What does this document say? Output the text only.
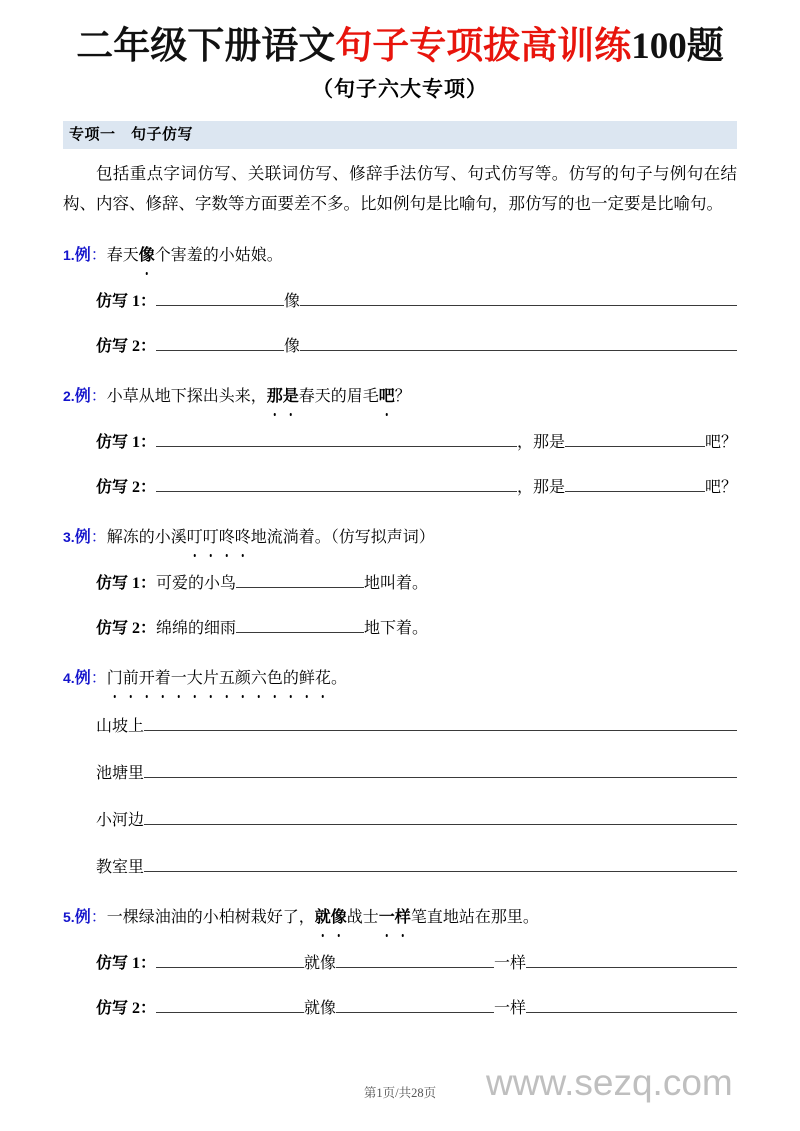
二年级下册语文句子专项拔高训练100题
（句子六大专项）
专项一　句子仿写
包括重点字词仿写、关联词仿写、修辞手法仿写、句式仿写等。仿写的句子与例句在结构、内容、修辞、字数等方面要差不多。比如例句是比喻句，那仿写的也一定要是比喻句。
1.例：春天像个害羞的小姑娘。
仿写 1：	像
仿写 2：	像
2.例：小草从地下探出头来，那是春天的眉毛吧？
仿写 1：	，那是	吧？
仿写 2：	，那是	吧？
3.例：解冻的小溪叮叮咚咚地流淌着。（仿写拟声词）
仿写 1： 可爱的小鸟	地叫着。
仿写 2： 绵绵的细雨	地下着。
4.例：门前开着一大片五颜六色的鲜花。
山坡上
池塘里
小河边
教室里
5.例：一棵绿油油的小柏树栽好了，就像战士一样笔直地站在那里。
仿写 1：	就像	一样
仿写 2：	就像	一样
第1页/共28页	www.sezq.com
